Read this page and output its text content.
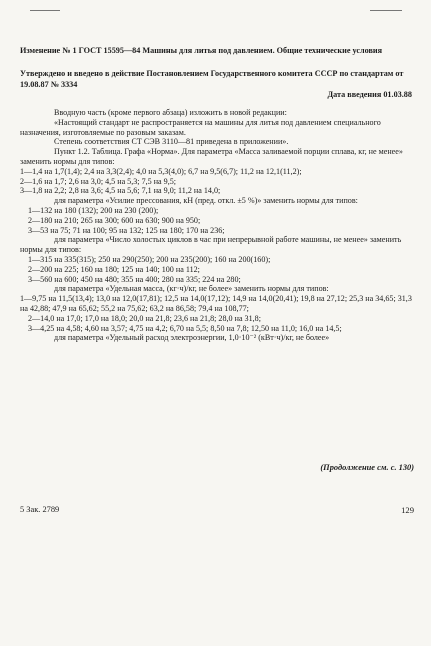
Изменение № 1 ГОСТ 15595—84 Машины для литья под давлением. Общие технические условия
Утверждено и введено в действие Постановлением Государственного комитета СССР по стандартам от 19.08.87 № 3334
Дата введения 01.03.88

Вводную часть (кроме первого абзаца) изложить в новой редакции:

«Настоящий стандарт не распространяется на машины для литья под давлением специального назначения, изготовляемые по разовым заказам.

Степень соответствия СТ СЭВ 3110—81 приведена в приложении».

Пункт 1.2. Таблица. Графа «Норма». Для параметра «Масса заливаемой порции сплава, кг, не менее» заменить нормы для типов:

1—1,4 на 1,7(1,4); 2,4 на 3,3(2,4); 4,0 на 5,3(4,0); 6,7 на 9,5(6,7); 11,2 на 12,1(11,2);

2—1,6 на 1,7; 2,6 на 3,0; 4,5 на 5,3; 7,5 на 9,5;

3—1,8 на 2,2; 2,8 на 3,6; 4,5 на 5,6; 7,1 на 9,0; 11,2 на 14,0;

для параметра «Усилие прессования, кН (пред. откл. ±5 %)» заменить нормы для типов:

1—132 на 180 (132); 200 на 230 (200);

2—180 на 210; 265 на 300; 600 на 630; 900 на 950;

3—53 на 75; 71 на 100; 95 на 132; 125 на 180; 170 на 236;

для параметра «Число холостых циклов в час при непрерывной работе машины, не менее» заменить нормы для типов:

1—315 на 335(315); 250 на 290(250); 200 на 235(200); 160 на 200(160);

2—200 на 225; 160 на 180; 125 на 140; 100 на 112;

3—560 на 600; 450 на 480; 355 на 400; 280 на 335; 224 на 280;

для параметра «Удельная масса, (кг·ч)/кг, не более» заменить нормы для типов:

1—9,75 на 11,5(13,4); 13,0 на 12,0(17,81); 12,5 на 14,0(17,12); 14,9 на 14,0(20,41); 19,8 на 27,12; 25,3 на 34,65; 31,3 на 42,88; 47,9 на 65,62; 55,2 на 75,62; 63,2 на 86,58; 79,4 на 108,77;

2—14,0 на 17,0; 17,0 на 18,0; 20,0 на 21,8; 23,6 на 21,8; 28,0 на 31,8;

3—4,25 на 4,58; 4,60 на 3,57; 4,75 на 4,2; 6,70 на 5,5; 8,50 на 7,8; 12,50 на 11,0; 16,0 на 14,5;

для параметра «Удельный расход электроэнергии, 1,0·10⁻² (кВт·ч)/кг, не более»

(Продолжение см. с. 130)
5 Зак. 2789	129
